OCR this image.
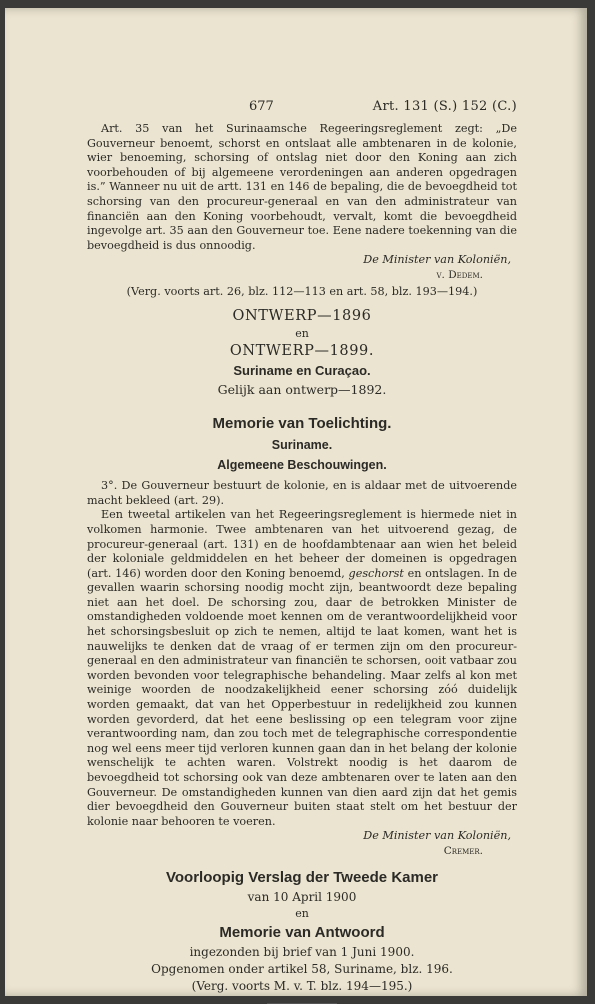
677	Art. 131 (S.) 152 (C.)

Art. 35 van het Surinaamsche Regeeringsreglement zegt: „De Gouverneur benoemt, schorst en ontslaat alle ambtenaren in de kolonie, wier benoeming, schorsing of ontslag niet door den Koning aan zich voorbehouden of bij algemeene verordeningen aan anderen opgedragen is.” Wanneer nu uit de artt. 131 en 146 de bepaling, die de bevoegdheid tot schorsing van den procureur-generaal en van den administrateur van financiën aan den Koning voorbehoudt, vervalt, komt die bevoegdheid ingevolge art. 35 aan den Gouverneur toe. Eene nadere toekenning van die bevoegdheid is dus onnoodig.

De Minister van Koloniën,
v. Dedem.
(Verg. voorts art. 26, blz. 112—113 en art. 58, blz. 193—194.)
ONTWERP—1896
en
ONTWERP—1899.
Suriname en Curaçao.
Gelijk aan ontwerp—1892.
Memorie van Toelichting.
Suriname.
Algemeene Beschouwingen.

3°. De Gouverneur bestuurt de kolonie, en is aldaar met de uitvoerende macht bekleed (art. 29).

Een tweetal artikelen van het Regeeringsreglement is hiermede niet in volkomen harmonie. Twee ambtenaren van het uitvoerend gezag, de procureur-generaal (art. 131) en de hoofdambtenaar aan wien het beleid der koloniale geldmiddelen en het beheer der domeinen is opgedragen (art. 146) worden door den Koning benoemd, geschorst en ontslagen. In de gevallen waarin schorsing noodig mocht zijn, beantwoordt deze bepaling niet aan het doel. De schorsing zou, daar de betrokken Minister de omstandigheden voldoende moet kennen om de verantwoordelijkheid voor het schorsingsbesluit op zich te nemen, altijd te laat komen, want het is nauwelijks te denken dat de vraag of er termen zijn om den procureur-generaal en den administrateur van financiën te schorsen, ooit vatbaar zou worden bevonden voor telegraphische behandeling. Maar zelfs al kon met weinige woorden de noodzakelijkheid eener schorsing zóó duidelijk worden gemaakt, dat van het Opperbestuur in redelijkheid zou kunnen worden gevorderd, dat het eene beslissing op een telegram voor zijne verantwoording nam, dan zou toch met de telegraphische correspondentie nog wel eens meer tijd verloren kunnen gaan dan in het belang der kolonie wenschelijk te achten waren. Volstrekt noodig is het daarom de bevoegdheid tot schorsing ook van deze ambtenaren over te laten aan den Gouverneur. De omstandigheden kunnen van dien aard zijn dat het gemis dier bevoegdheid den Gouverneur buiten staat stelt om het bestuur der kolonie naar behooren te voeren.

De Minister van Koloniën,
Cremer.
Voorloopig Verslag der Tweede Kamer
van 10 April 1900
en
Memorie van Antwoord
ingezonden bij brief van 1 Juni 1900.
Opgenomen onder artikel 58, Suriname, blz. 196.
(Verg. voorts M. v. T. blz. 194—195.)
